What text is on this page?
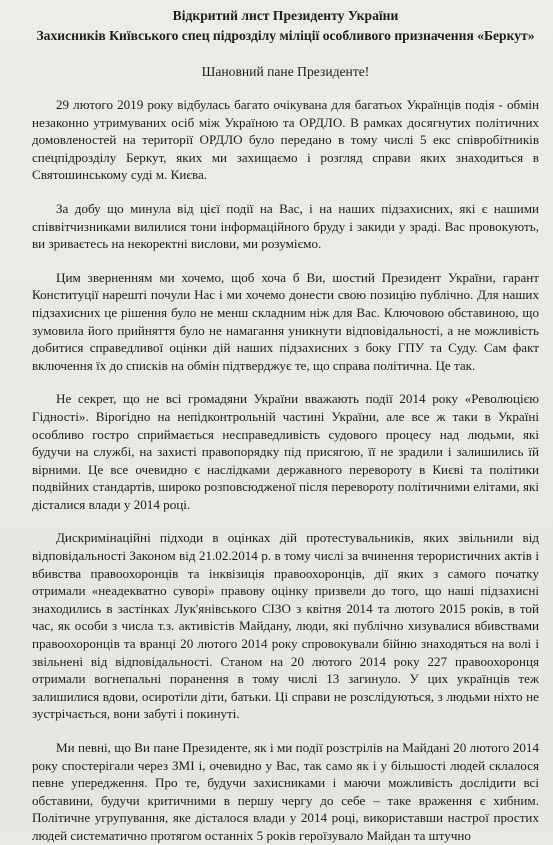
Відкритий лист Президенту України
Захисників Київського спец підрозділу міліції особливого призначення «Беркут»
Шановний пане Президенте!

29 лютого 2019 року відбулась багато очікувана для багатьох Українців подія - обмін незаконно утримуваних осіб між Україною та ОРДЛО. В рамках досягнутих політичних домовленостей на території ОРДЛО було передано в тому числі 5 екс співробітників спецпідрозділу Беркут, яких ми захищаємо і розгляд справи яких знаходиться в Святошинському суді м. Києва.

За добу що минула від цієї події на Вас, і на наших підзахисних, які є нашими співвітчизниками вилилися тони інформаційного бруду і закиди у зраді. Вас провокують, ви зриваєтесь на некоректні вислови, ми розуміємо.

Цим зверненням ми хочемо, щоб хоча б Ви, шостий Президент України, гарант Конституції нарешті почули Нас і ми хочемо донести свою позицію публічно. Для наших підзахисних це рішення було не менш складним ніж для Вас. Ключовою обставиною, що зумовила його прийняття було не намагання уникнути відповідальності, а не можливість добитися справедливої оцінки дій наших підзахисних з боку ГПУ та Суду. Сам факт включення їх до списків на обмін підтверджує те, що справа політична. Це так.

Не секрет, що не всі громадяни України вважають події 2014 року «Революцією Гідності». Вірогідно на непідконтрольній частині України, але все ж таки в Україні особливо гостро сприймається несправедливість судового процесу над людьми, які будучи на службі, на захисті правопорядку під присягою, її не зрадили і залишились їй вірними. Це все очевидно є наслідками державного перевороту в Києві та політики подвійних стандартів, широко розповсюдженої після перевороту політичними елітами, які дісталися влади у 2014 році.

Дискримінаційні підходи в оцінках дій протестувальників, яких звільнили від відповідальності Законом від 21.02.2014 р. в тому числі за вчинення терористичних актів і вбивства правоохоронців та інквізиція правоохоронців, дії яких з самого початку отримали «неадекватно суворі» правову оцінку призвели до того, що наші підзахисні знаходились в застінках Лук'янівського СІЗО з квітня 2014 та лютого 2015 років, в той час, як особи з числа т.з. активістів Майдану, люди, які публічно хизувалися вбивствами правоохоронців та вранці 20 лютого 2014 року спровокували бійню знаходяться на волі і звільнені від відповідальності. Станом на 20 лютого 2014 року 227 правоохоронця отримали вогнепальні поранення в тому числі 13 загинуло. У цих українців теж залишилися вдови, осиротіли діти, батьки. Ці справи не розслідуються, з людьми ніхто не зустрічається, вони забуті і покинуті.

Ми певні, що Ви пане Президенте, як і ми події розстрілів на Майдані 20 лютого 2014 року спостерігали через ЗМІ і, очевидно у Вас, так само як і у більшості людей склалося певне упередження. Про те, будучи захисниками і маючи можливість дослідити всі обставини, будучи критичними в першу чергу до себе – таке враження є хибним. Політичне угрупування, яке дісталося влади у 2014 році, використавши настрої простих людей систематично протягом останніх 5 років героїзувало Майдан та штучно
